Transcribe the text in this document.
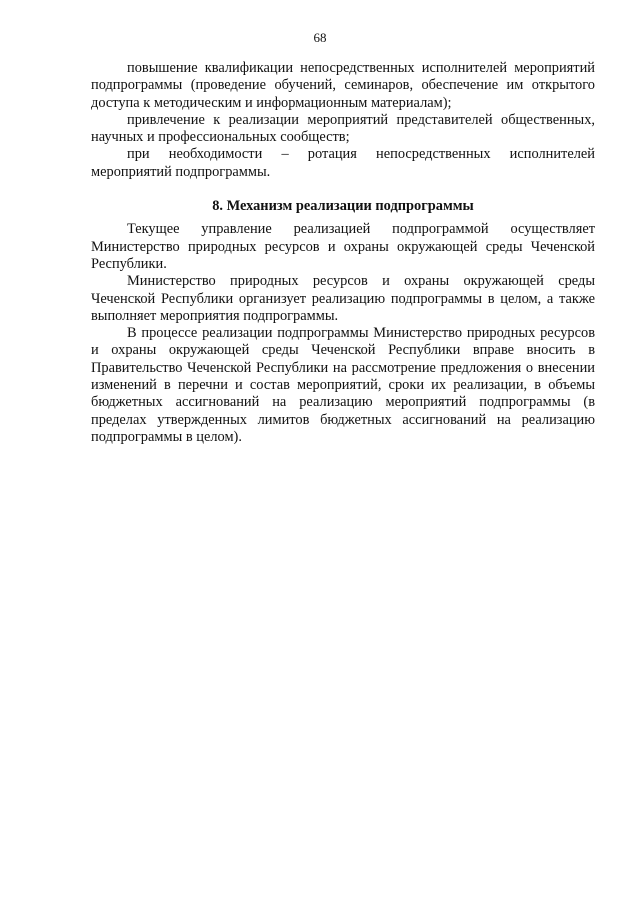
68

повышение квалификации непосредственных исполнителей мероприятий подпрограммы (проведение обучений, семинаров, обеспечение им открытого доступа к методическим и информационным материалам);

привлечение к реализации мероприятий представителей общественных, научных и профессиональных сообществ;

при необходимости – ротация непосредственных исполнителей мероприятий подпрограммы.

8. Механизм реализации подпрограммы

Текущее управление реализацией подпрограммой осуществляет Министерство природных ресурсов и охраны окружающей среды Чеченской Республики.

Министерство природных ресурсов и охраны окружающей среды Чеченской Республики организует реализацию подпрограммы в целом, а также выполняет мероприятия подпрограммы.

В процессе реализации подпрограммы Министерство природных ресурсов и охраны окружающей среды Чеченской Республики вправе вносить в Правительство Чеченской Республики на рассмотрение предложения о внесении изменений в перечни и состав мероприятий, сроки их реализации, в объемы бюджетных ассигнований на реализацию мероприятий подпрограммы (в пределах утвержденных лимитов бюджетных ассигнований на реализацию подпрограммы в целом).
